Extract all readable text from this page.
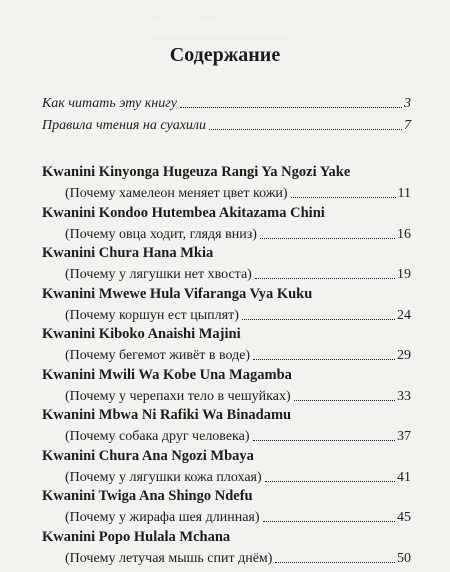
- - - - - - - - - - - - - - -
- - - - - - - - - - - - - - - - - - - -
Содержание
Как читать эту книгу	3
Правила чтения на суахили	7
Kwanini Kinyonga Hugeuza Rangi Ya Ngozi Yake
(Почему хамелеон меняет цвет кожи)	11
Kwanini Kondoo Hutembea Akitazama Chini
(Почему овца ходит, глядя вниз)	16
Kwanini Chura Hana Mkia
(Почему у лягушки нет хвоста)	19
Kwanini Mwewe Hula Vifaranga Vya Kuku
(Почему коршун ест цыплят)	24
Kwanini Kiboko Anaishi Majini
(Почему бегемот живёт в воде)	29
Kwanini Mwili Wa Kobe Una Magamba
(Почему у черепахи тело в чешуйках)	33
Kwanini Mbwa Ni Rafiki Wa Binadamu
(Почему собака друг человека)	37
Kwanini Chura Ana Ngozi Mbaya
(Почему у лягушки кожа плохая)	41
Kwanini Twiga Ana Shingo Ndefu
(Почему у жирафа шея длинная)	45
Kwanini Popo Hulala Mchana
(Почему летучая мышь спит днём)	50
